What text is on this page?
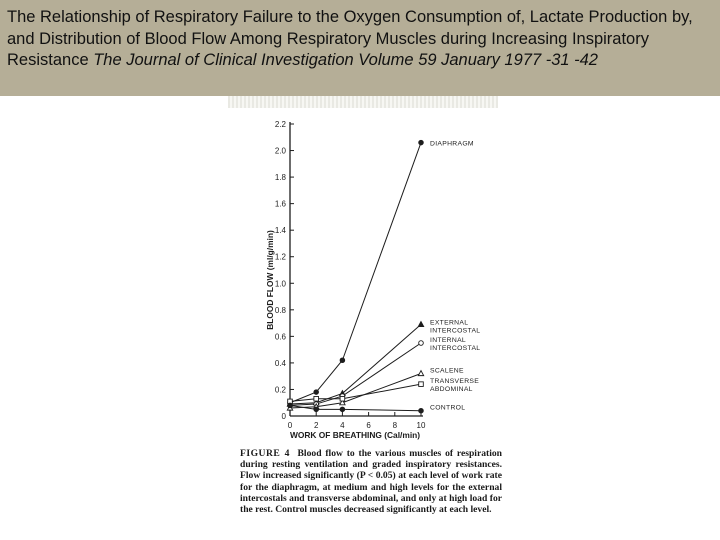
The Relationship of Respiratory Failure to the Oxygen Consumption of, Lactate Production by, and Distribution of Blood Flow Among Respiratory Muscles during Increasing Inspiratory Resistance The Journal of Clinical Investigation Volume 59 January 1977 -31 -42
0
0.2
0.4
0.6
0.8
1.0
1.2
1.4
1.6
1.8
2.0
2.2
0	2	4	6	8 10
WORK OF BREATHING (Cal/min)
BLOOD FLOW (ml/g/min)
DIAPHRAGM
EXTERNAL
INTERCOSTAL
INTERNAL
INTERCOSTAL
SCALENE
TRANSVERSE
ABDOMINAL
CONTROL
FIGURE 4 Blood flow to the various muscles of respiration during resting ventilation and graded inspiratory resistances. Flow increased significantly (P < 0.05) at each level of work rate for the diaphragm, at medium and high levels for the external intercostals and transverse abdominal, and only at high load for the rest. Control muscles decreased significantly at each level.
